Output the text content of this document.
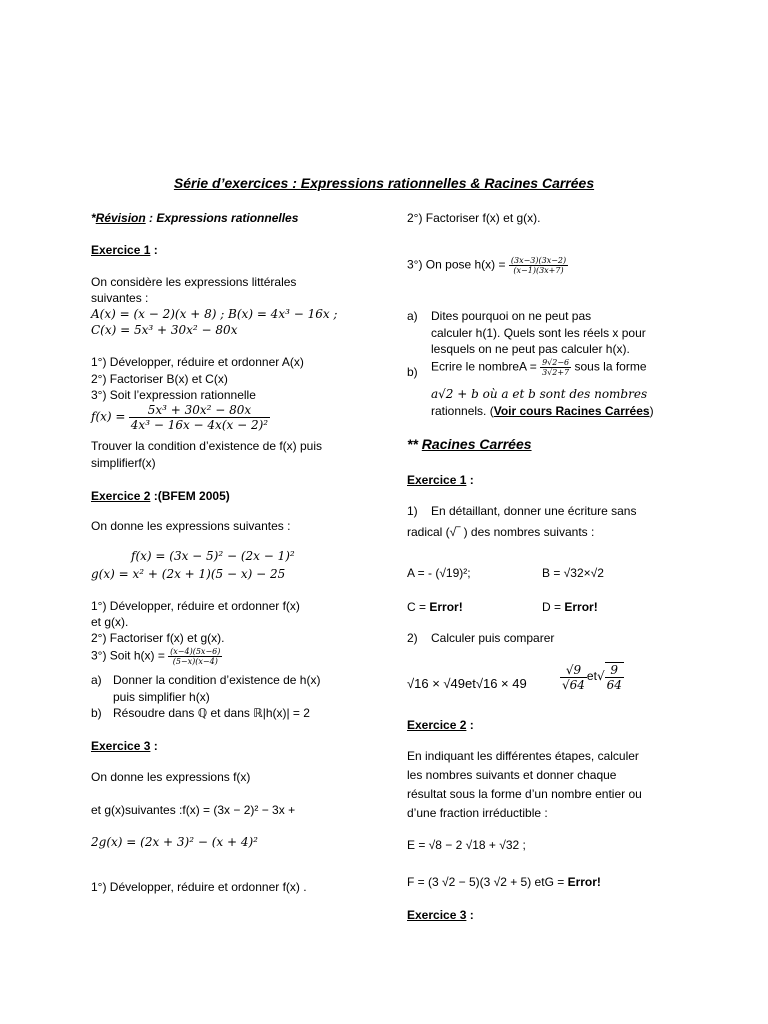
Série d’exercices : Expressions rationnelles & Racines Carrées
*Révision : Expressions rationnelles
Exercice 1 :
On considère les expressions littérales
suivantes :
A(x) = (x − 2)(x + 8) ; B(x) = 4x³ − 16x ;
C(x) = 5x³ + 30x² − 80x
1°) Développer, réduire et ordonner A(x)
2°) Factoriser B(x) et C(x)
3°) Soit l’expression rationnelle
$f(x) = \frac{\text{5x³ + 30x² − 80x}}{\text{4x³ − 16x − 4x(x − 2)²}}$
Trouver la condition d’existence de f(x) puis
simplifierf(x)
Exercice 2 :(BFEM 2005)
On donne les expressions suivantes :
f(x) = (3x − 5)² − (2x − 1)²
g(x) = x² + (2x + 1)(5 − x) − 25
1°) Développer, réduire et ordonner f(x)
et g(x).
2°) Factoriser f(x) et g(x).
3°) Soit $h(x) = \frac{(x-4)(5x-6)}{(5-x)(x-4)}$
a) Donner la condition d’existence de h(x)
puis simplifier h(x)
b) Résoudre dans ℚ et dans ℝ|h(x)| = 2
Exercice 3 :
On donne les expressions f(x)
et g(x)suivantes :f(x) = (3x − 2)² − 3x +
2g(x) = (2x + 3)² − (x + 4)²
1°) Développer, réduire et ordonner f(x) .
2°) Factoriser f(x) et g(x).
3°) On pose $h(x) = \frac{(3x-3)(3x-2)}{(x-1)(3x+7)}$
a) Dites pourquoi on ne peut pas
calculer h(1). Quels sont les réels x pour
lesquels on ne peut pas calculer h(x).
b) Ecrire le nombreA = $\frac{9√2-6}{3√2+7}$ sous la forme
a√2 + b où a et b sont des nombres
rationnels. (Voir cours Racines Carrées)
** Racines Carrées
Exercice 1 :
1) En détaillant, donner une écriture sans
radical (√‾ ) des nombres suivants :
A = - (√19)²;	B = √32×√2
C = Error!	D = Error!
2) Calculer puis comparer
√16 × √49et√16 × 49	$\frac{√9}{√64} et√ \frac{9}{64}$
Exercice 2 :
En indiquant les différentes étapes, calculer
les nombres suivants et donner chaque
résultat sous la forme d’un nombre entier ou
d’une fraction irréductible :
E = √8 − 2 √18 + √32 ;
F = (3 √2 − 5)(3 √2 + 5) etG = Error!
Exercice 3 :
